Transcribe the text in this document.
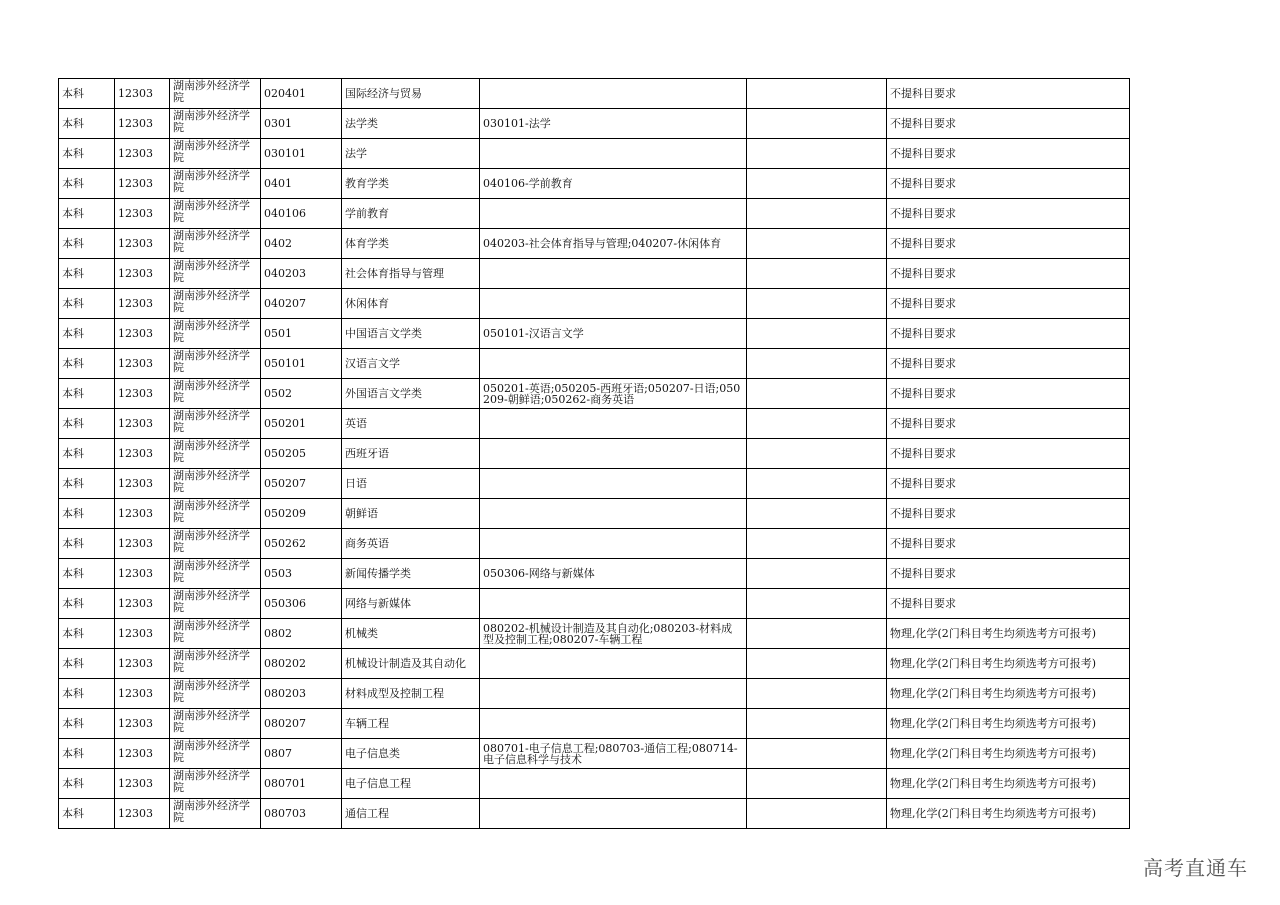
本科	12303	湖南涉外经济学院	020401	国际经济与贸易			不提科目要求
本科	12303	湖南涉外经济学院	0301	法学类	030101-法学		不提科目要求
本科	12303	湖南涉外经济学院	030101	法学			不提科目要求
本科	12303	湖南涉外经济学院	0401	教育学类	040106-学前教育		不提科目要求
本科	12303	湖南涉外经济学院	040106	学前教育			不提科目要求
本科	12303	湖南涉外经济学院	0402	体育学类	040203-社会体育指导与管理;040207-休闲体育		不提科目要求
本科	12303	湖南涉外经济学院	040203	社会体育指导与管理			不提科目要求
本科	12303	湖南涉外经济学院	040207	休闲体育			不提科目要求
本科	12303	湖南涉外经济学院	0501	中国语言文学类	050101-汉语言文学		不提科目要求
本科	12303	湖南涉外经济学院	050101	汉语言文学			不提科目要求
本科	12303	湖南涉外经济学院	0502	外国语言文学类	050201-英语;050205-西班牙语;050207-日语;050209-朝鲜语;050262-商务英语		不提科目要求
本科	12303	湖南涉外经济学院	050201	英语			不提科目要求
本科	12303	湖南涉外经济学院	050205	西班牙语			不提科目要求
本科	12303	湖南涉外经济学院	050207	日语			不提科目要求
本科	12303	湖南涉外经济学院	050209	朝鲜语			不提科目要求
本科	12303	湖南涉外经济学院	050262	商务英语			不提科目要求
本科	12303	湖南涉外经济学院	0503	新闻传播学类	050306-网络与新媒体		不提科目要求
本科	12303	湖南涉外经济学院	050306	网络与新媒体			不提科目要求
本科	12303	湖南涉外经济学院	0802	机械类	080202-机械设计制造及其自动化;080203-材料成型及控制工程;080207-车辆工程		物理,化学(2门科目考生均须选考方可报考)
本科	12303	湖南涉外经济学院	080202	机械设计制造及其自动化			物理,化学(2门科目考生均须选考方可报考)
本科	12303	湖南涉外经济学院	080203	材料成型及控制工程			物理,化学(2门科目考生均须选考方可报考)
本科	12303	湖南涉外经济学院	080207	车辆工程			物理,化学(2门科目考生均须选考方可报考)
本科	12303	湖南涉外经济学院	0807	电子信息类	080701-电子信息工程;080703-通信工程;080714-电子信息科学与技术		物理,化学(2门科目考生均须选考方可报考)
本科	12303	湖南涉外经济学院	080701	电子信息工程			物理,化学(2门科目考生均须选考方可报考)
本科	12303	湖南涉外经济学院	080703	通信工程			物理,化学(2门科目考生均须选考方可报考)
高考直通车
